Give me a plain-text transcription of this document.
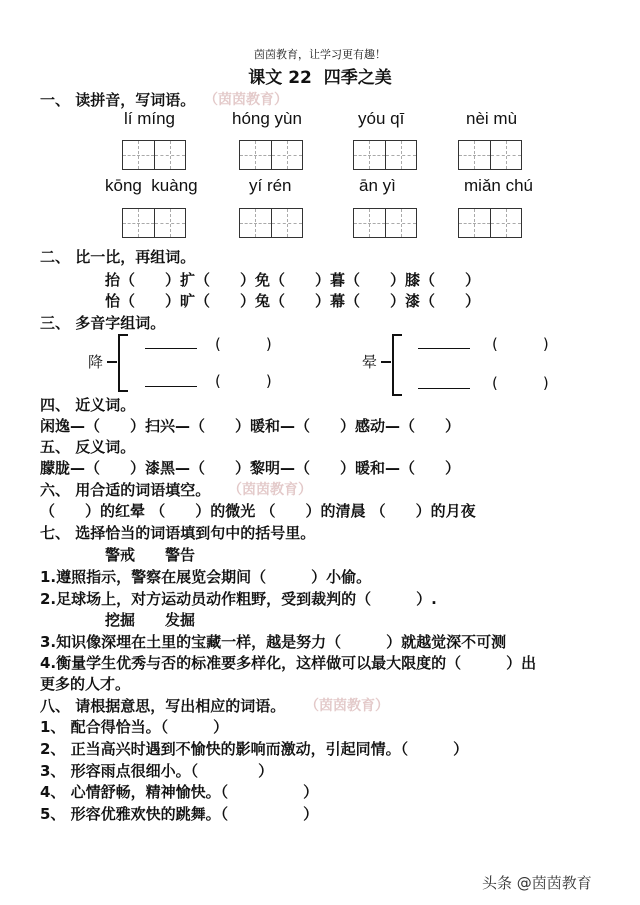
茵茵教育，让学习更有趣！
课文 22  四季之美
一、 读拼音，写词语。 （茵茵教育）
lí míng	hóng yùn	yóu qī	nèi mù
kōng  kuàng	yí rén	ān yì	miǎn chú
二、 比一比，再组词。
抬（　　）扩（　　）免（　　）暮（　　）膝（　　）
怡（　　）旷（　　）兔（　　）幕（　　）漆（　　）
三、 多音字组词。
降
(　　　)
(　　　)
晕
(　　　)
(　　　)
四、 近义词。
闲逸—（　　）扫兴—（　　）暖和—（　　）感动—（　　）
五、 反义词。
朦胧—（　　）漆黑—（　　）黎明—（　　）暖和—（　　）
六、 用合适的词语填空。 （茵茵教育）
（　　）的红晕 （　　）的微光 （　　）的清晨 （　　）的月夜
七、 选择恰当的词语填到句中的括号里。
警戒　　警告
1.遵照指示，警察在展览会期间（　　　）小偷。
2.足球场上，对方运动员动作粗野，受到裁判的（　　　）.
挖掘　　发掘
3.知识像深埋在土里的宝藏一样，越是努力（　　　）就越觉深不可测
4.衡量学生优秀与否的标准要多样化，这样做可以最大限度的（　　　）出
更多的人才。
八、 请根据意思，写出相应的词语。 （茵茵教育）
1、 配合得恰当。（　　　）
2、 正当高兴时遇到不愉快的影响而激动，引起同情。（　　　）
3、 形容雨点很细小。（　　　　）
4、 心情舒畅，精神愉快。（　　　　　）
5、 形容优雅欢快的跳舞。（　　　　　）
头条 @茵茵教育
